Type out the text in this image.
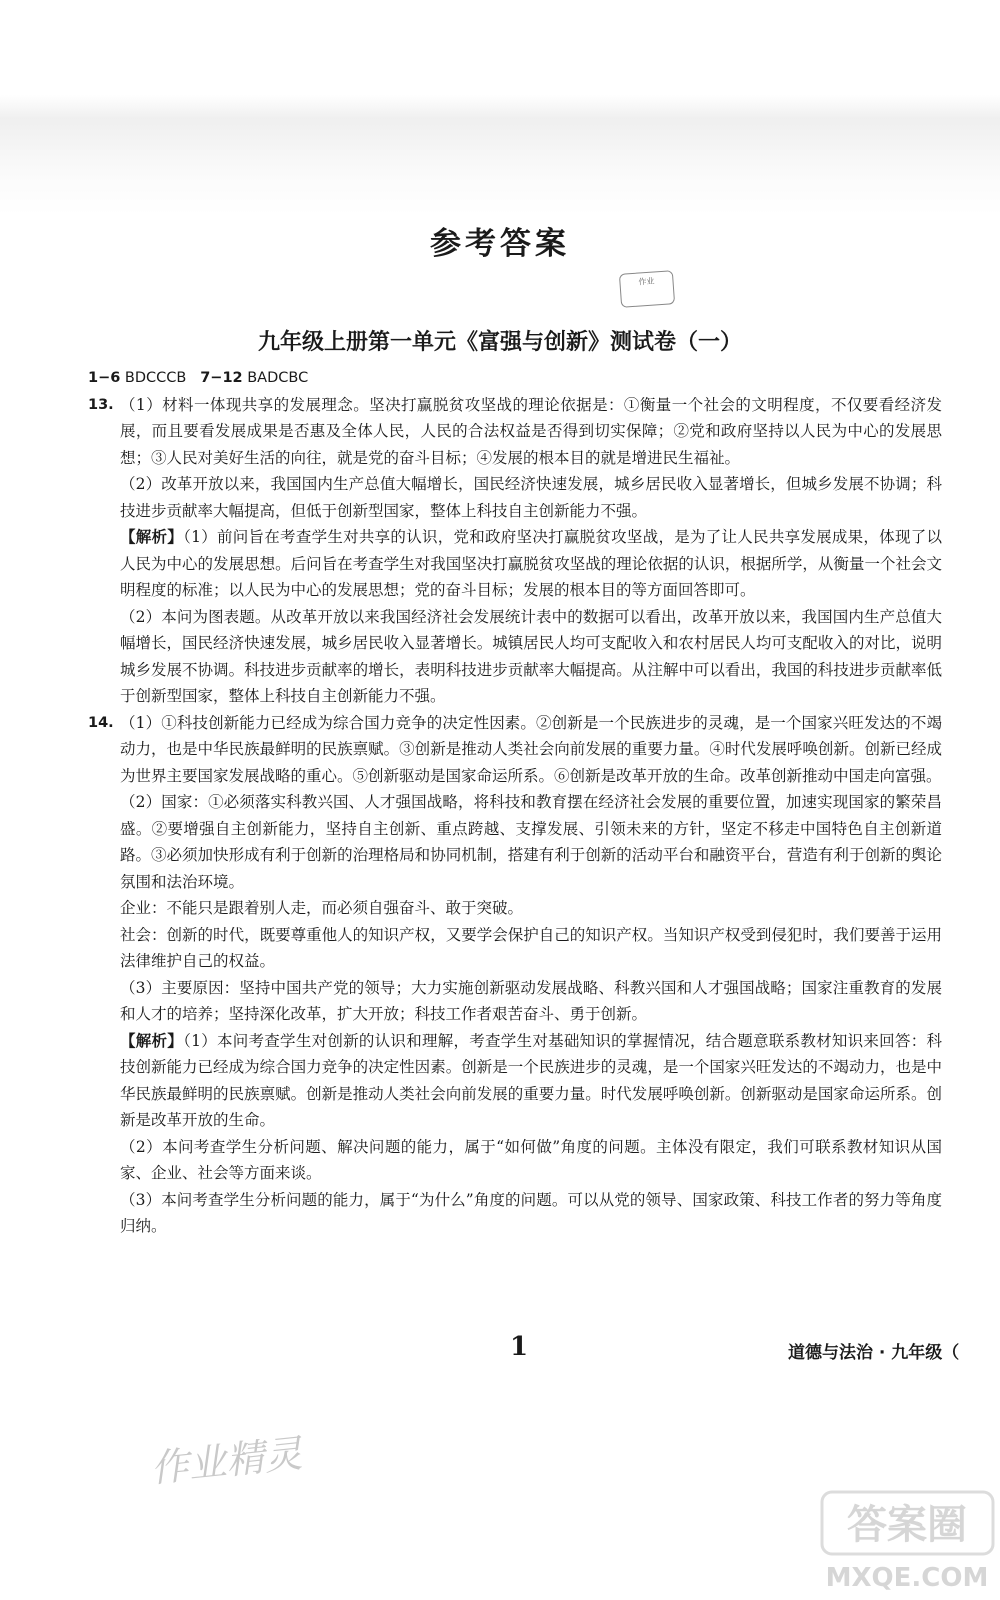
参考答案
作业
九年级上册第一单元《富强与创新》测试卷（一）
1−6 BDCCCB 7−12 BADCBC
13. （1）材料一体现共享的发展理念。坚决打赢脱贫攻坚战的理论依据是：①衡量一个社会的文明程度，不仅要看经济发展，而且要看发展成果是否惠及全体人民，人民的合法权益是否得到切实保障；②党和政府坚持以人民为中心的发展思想；③人民对美好生活的向往，就是党的奋斗目标；④发展的根本目的就是增进民生福祉。

（2）改革开放以来，我国国内生产总值大幅增长，国民经济快速发展，城乡居民收入显著增长，但城乡发展不协调；科技进步贡献率大幅提高，但低于创新型国家，整体上科技自主创新能力不强。

【解析】（1）前问旨在考查学生对共享的认识，党和政府坚决打赢脱贫攻坚战，是为了让人民共享发展成果，体现了以人民为中心的发展思想。后问旨在考查学生对我国坚决打赢脱贫攻坚战的理论依据的认识，根据所学，从衡量一个社会文明程度的标准；以人民为中心的发展思想；党的奋斗目标；发展的根本目的等方面回答即可。

（2）本问为图表题。从改革开放以来我国经济社会发展统计表中的数据可以看出，改革开放以来，我国国内生产总值大幅增长，国民经济快速发展，城乡居民收入显著增长。城镇居民人均可支配收入和农村居民人均可支配收入的对比，说明城乡发展不协调。科技进步贡献率的增长，表明科技进步贡献率大幅提高。从注解中可以看出，我国的科技进步贡献率低于创新型国家，整体上科技自主创新能力不强。

14. （1）①科技创新能力已经成为综合国力竞争的决定性因素。②创新是一个民族进步的灵魂，是一个国家兴旺发达的不竭动力，也是中华民族最鲜明的民族禀赋。③创新是推动人类社会向前发展的重要力量。④时代发展呼唤创新。创新已经成为世界主要国家发展战略的重心。⑤创新驱动是国家命运所系。⑥创新是改革开放的生命。改革创新推动中国走向富强。

（2）国家：①必须落实科教兴国、人才强国战略，将科技和教育摆在经济社会发展的重要位置，加速实现国家的繁荣昌盛。②要增强自主创新能力，坚持自主创新、重点跨越、支撑发展、引领未来的方针，坚定不移走中国特色自主创新道路。③必须加快形成有利于创新的治理格局和协同机制，搭建有利于创新的活动平台和融资平台，营造有利于创新的舆论氛围和法治环境。

企业：不能只是跟着别人走，而必须自强奋斗、敢于突破。

社会：创新的时代，既要尊重他人的知识产权，又要学会保护自己的知识产权。当知识产权受到侵犯时，我们要善于运用法律维护自己的权益。

（3）主要原因：坚持中国共产党的领导；大力实施创新驱动发展战略、科教兴国和人才强国战略；国家注重教育的发展和人才的培养；坚持深化改革，扩大开放；科技工作者艰苦奋斗、勇于创新。

【解析】（1）本问考查学生对创新的认识和理解，考查学生对基础知识的掌握情况，结合题意联系教材知识来回答：科技创新能力已经成为综合国力竞争的决定性因素。创新是一个民族进步的灵魂，是一个国家兴旺发达的不竭动力，也是中华民族最鲜明的民族禀赋。创新是推动人类社会向前发展的重要力量。时代发展呼唤创新。创新驱动是国家命运所系。创新是改革开放的生命。

（2）本问考查学生分析问题、解决问题的能力，属于“如何做”角度的问题。主体没有限定，我们可联系教材知识从国家、企业、社会等方面来谈。

（3）本问考查学生分析问题的能力，属于“为什么”角度的问题。可以从党的领导、国家政策、科技工作者的努力等角度归纳。

1	道德与法治 · 九年级（
作业精灵
答案圈
MXQE.COM
